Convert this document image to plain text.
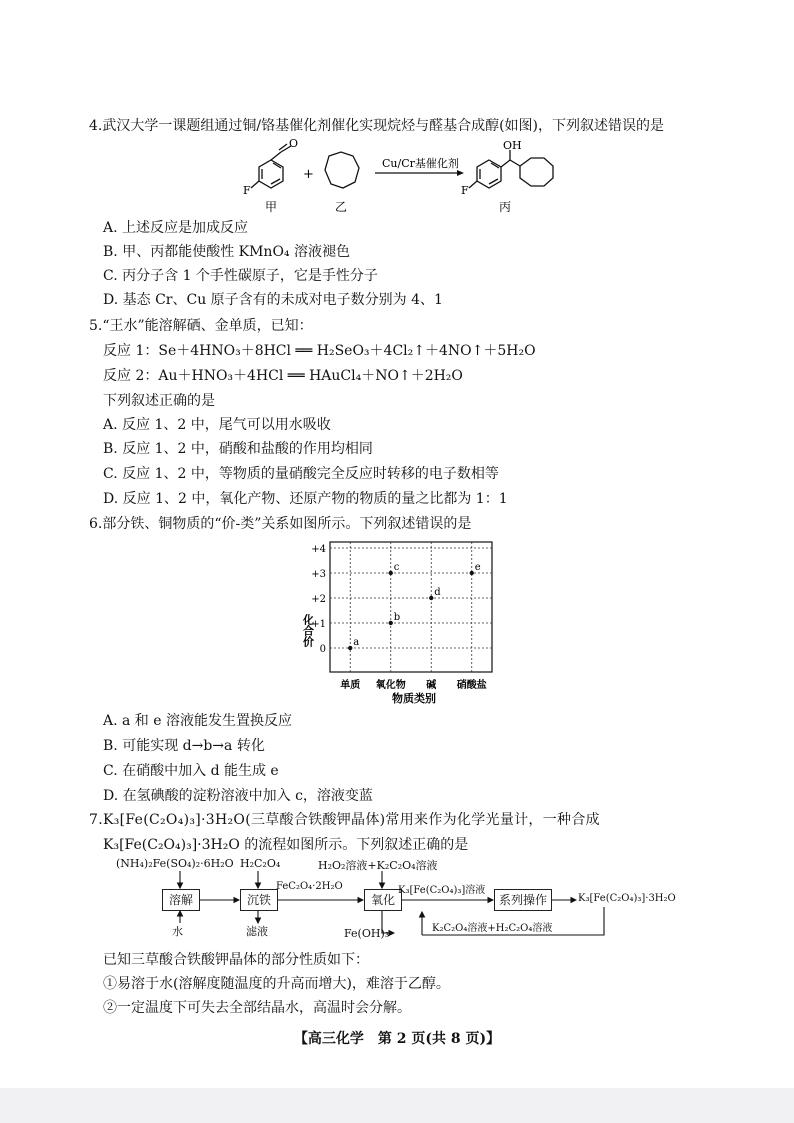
4.武汉大学一课题组通过铜/铬基催化剂催化实现烷烃与醛基合成醇(如图)，下列叙述错误的是
O
F
+
Cu/Cr基催化剂
OH
F
甲	乙	丙
A. 上述反应是加成反应
B. 甲、丙都能使酸性 KMnO₄ 溶液褪色
C. 丙分子含 1 个手性碳原子，它是手性分子
D. 基态 Cr、Cu 原子含有的未成对电子数分别为 4、1
5.“王水”能溶解硒、金单质，已知：
反应 1：Se＋4HNO₃＋8HCl ══ H₂SeO₃＋4Cl₂↑＋4NO↑＋5H₂O
反应 2：Au＋HNO₃＋4HCl ══ HAuCl₄＋NO↑＋2H₂O
下列叙述正确的是
A. 反应 1、2 中，尾气可以用水吸收
B. 反应 1、2 中，硝酸和盐酸的作用均相同
C. 反应 1、2 中，等物质的量硝酸完全反应时转移的电子数相等
D. 反应 1、2 中，氧化产物、还原产物的物质的量之比都为 1：1
6.部分铁、铜物质的“价-类”关系如图所示。下列叙述错误的是
0
+1
+2
+3
+4
单质 氧化物 碱 硝酸盐
a
b
c
d
e
化合价
物质类别
A. a 和 e 溶液能发生置换反应
B. 可能实现 d→b→a 转化
C. 在硝酸中加入 d 能生成 e
D. 在氢碘酸的淀粉溶液中加入 c，溶液变蓝
7.K₃[Fe(C₂O₄)₃]·3H₂O(三草酸合铁酸钾晶体)常用来作为化学光量计，一种合成
K₃[Fe(C₂O₄)₃]·3H₂O 的流程如图所示。下列叙述正确的是
(NH₄)₂Fe(SO₄)₂·6H₂O H₂C₂O₄	H₂O₂溶液+K₂C₂O₄溶液
溶解	沉铁	氧化	系列操作
FeC₂O₄·2H₂O	K₃[Fe(C₂O₄)₃]溶液
K₃[Fe(C₂O₄)₃]·3H₂O
水	滤液	Fe(OH)₃	K₂C₂O₄溶液+H₂C₂O₄溶液
已知三草酸合铁酸钾晶体的部分性质如下：
①易溶于水(溶解度随温度的升高而增大)，难溶于乙醇。
②一定温度下可失去全部结晶水，高温时会分解。
【高三化学　第 2 页(共 8 页)】
